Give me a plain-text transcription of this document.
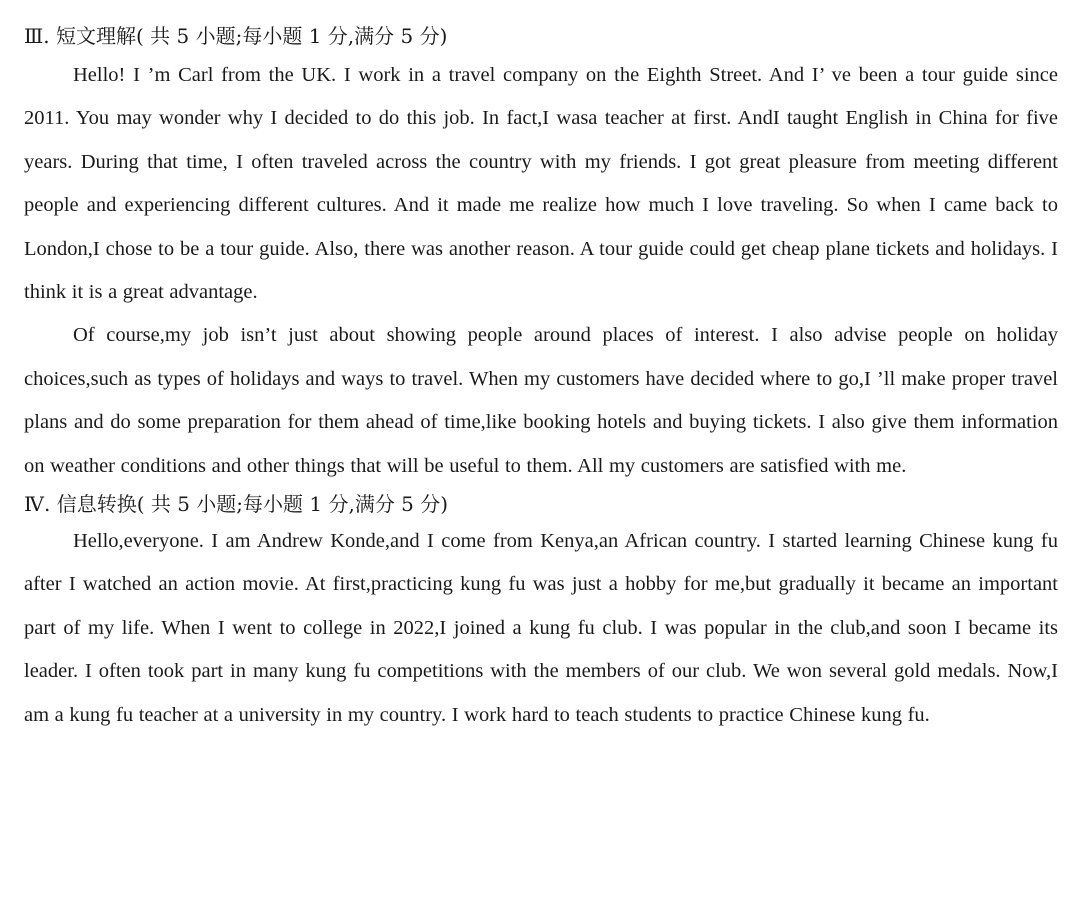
Ⅲ. 短文理解( 共 5 小题;每小题 1 分,满分 5 分)

Hello! I ’m Carl from the UK. I work in a travel company on the Eighth Street. And I’ ve been a tour guide since 2011. You may wonder why I decided to do this job. In fact,I wasa teacher at first. AndI taught English in China for five years. During that time, I often traveled across the country with my friends. I got great pleasure from meeting different people and experiencing different cultures. And it made me realize how much I love traveling. So when I came back to London,I chose to be a tour guide. Also, there was another reason. A tour guide could get cheap plane tickets and holidays. I think it is a great advantage.

Of course,my job isn’t just about showing people around places of interest. I also advise people on holiday choices,such as types of holidays and ways to travel. When my customers have decided where to go,I ’ll make proper travel plans and do some preparation for them ahead of time,like booking hotels and buying tickets. I also give them information on weather conditions and other things that will be useful to them. All my customers are satisfied with me.

Ⅳ. 信息转换( 共 5 小题;每小题 1 分,满分 5 分)

Hello,everyone. I am Andrew Konde,and I come from Kenya,an African country. I started learning Chinese kung fu after I watched an action movie. At first,practicing kung fu was just a hobby for me,but gradually it became an important part of my life. When I went to college in 2022,I joined a kung fu club. I was popular in the club,and soon I became its leader. I often took part in many kung fu competitions with the members of our club. We won several gold medals. Now,I am a kung fu teacher at a university in my country. I work hard to teach students to practice Chinese kung fu.
